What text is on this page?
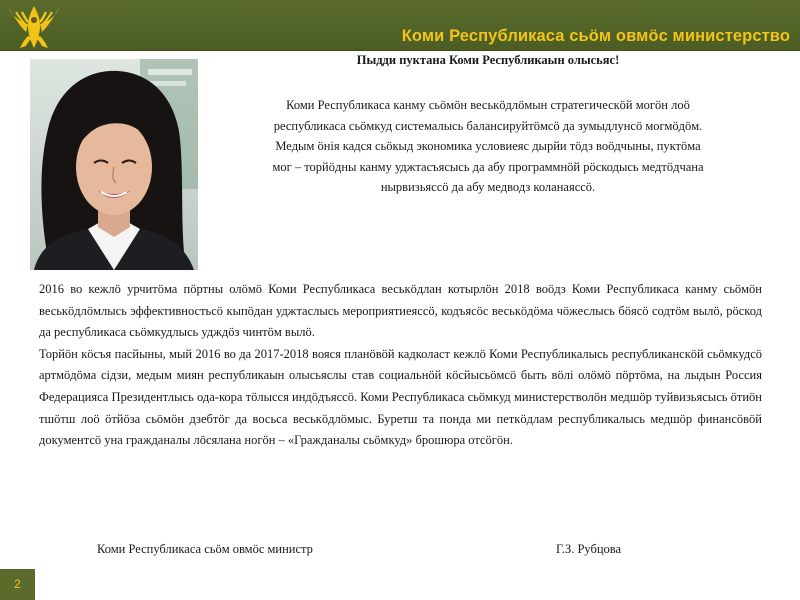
Коми Республикаса сьӧм овмӧс министерство
Пыдди пуктана Коми Республикаын олысьяс!

Коми Республикаса канму сьӧмӧн веськӧдлӧмын стратегическӧй могӧн лоӧ

республикаса сьӧмкуд системалысь балансируйтӧмсӧ да зумыдлунсӧ могмӧдӧм.

Медым ӧнія кадся сьӧкыд экономика условиеяс дырйи тӧдз воӧдчыны, пуктӧма

мог – торйӧдны канму уджтасъясысь да абу программнӧй рӧскодысь медтӧдчана

нырвизьяссӧ да абу медводз коланаяссӧ.

2016 во кежлӧ урчитӧма пӧртны олӧмӧ Коми Республикаса веськӧдлан котырлӧн 2018 воӧдз Коми Республикаса канму сьӧмӧн веськӧдлӧмлысь эффективностьсӧ кыпӧдан уджтаслысь мероприятиеяссӧ, кодъясӧс веськӧдӧма чӧжеслысь бӧясӧ содтӧм вылӧ, рӧскод да республикаса сьӧмкудлысь удждӧз чинтӧм вылӧ.

Торйӧн кӧсъя пасйыны, мый 2016 во да 2017-2018 вояся планӧвӧй кадколаст кежлӧ Коми Республикалысь республиканскӧй сьӧмкудсӧ артмӧдӧма сідзи, медым миян республикаын олысьяслы став социальнӧй кӧсйысьӧмсӧ быть вӧлі олӧмӧ пӧртӧма, на лыдын Россия Федерацияса Президентлысь ода-кора тӧлысся индӧдъяссӧ. Коми Республикаса сьӧмкуд министерстволӧн медшӧр туйвизьясысь ӧтиӧн тшӧтш лоӧ ӧтйӧза сьӧмӧн дзебтӧг да восьса веськӧдлӧмыс. Буретш та понда ми петкӧдлам республикалысь медшӧр финансӧвӧй документсӧ уна гражданалы лӧсялана ногӧн – «Гражданалы сьӧмкуд» брошюра отсӧгӧн.

Коми Республикаса сьӧм овмӧс министр	Г.З. Рубцова
2
